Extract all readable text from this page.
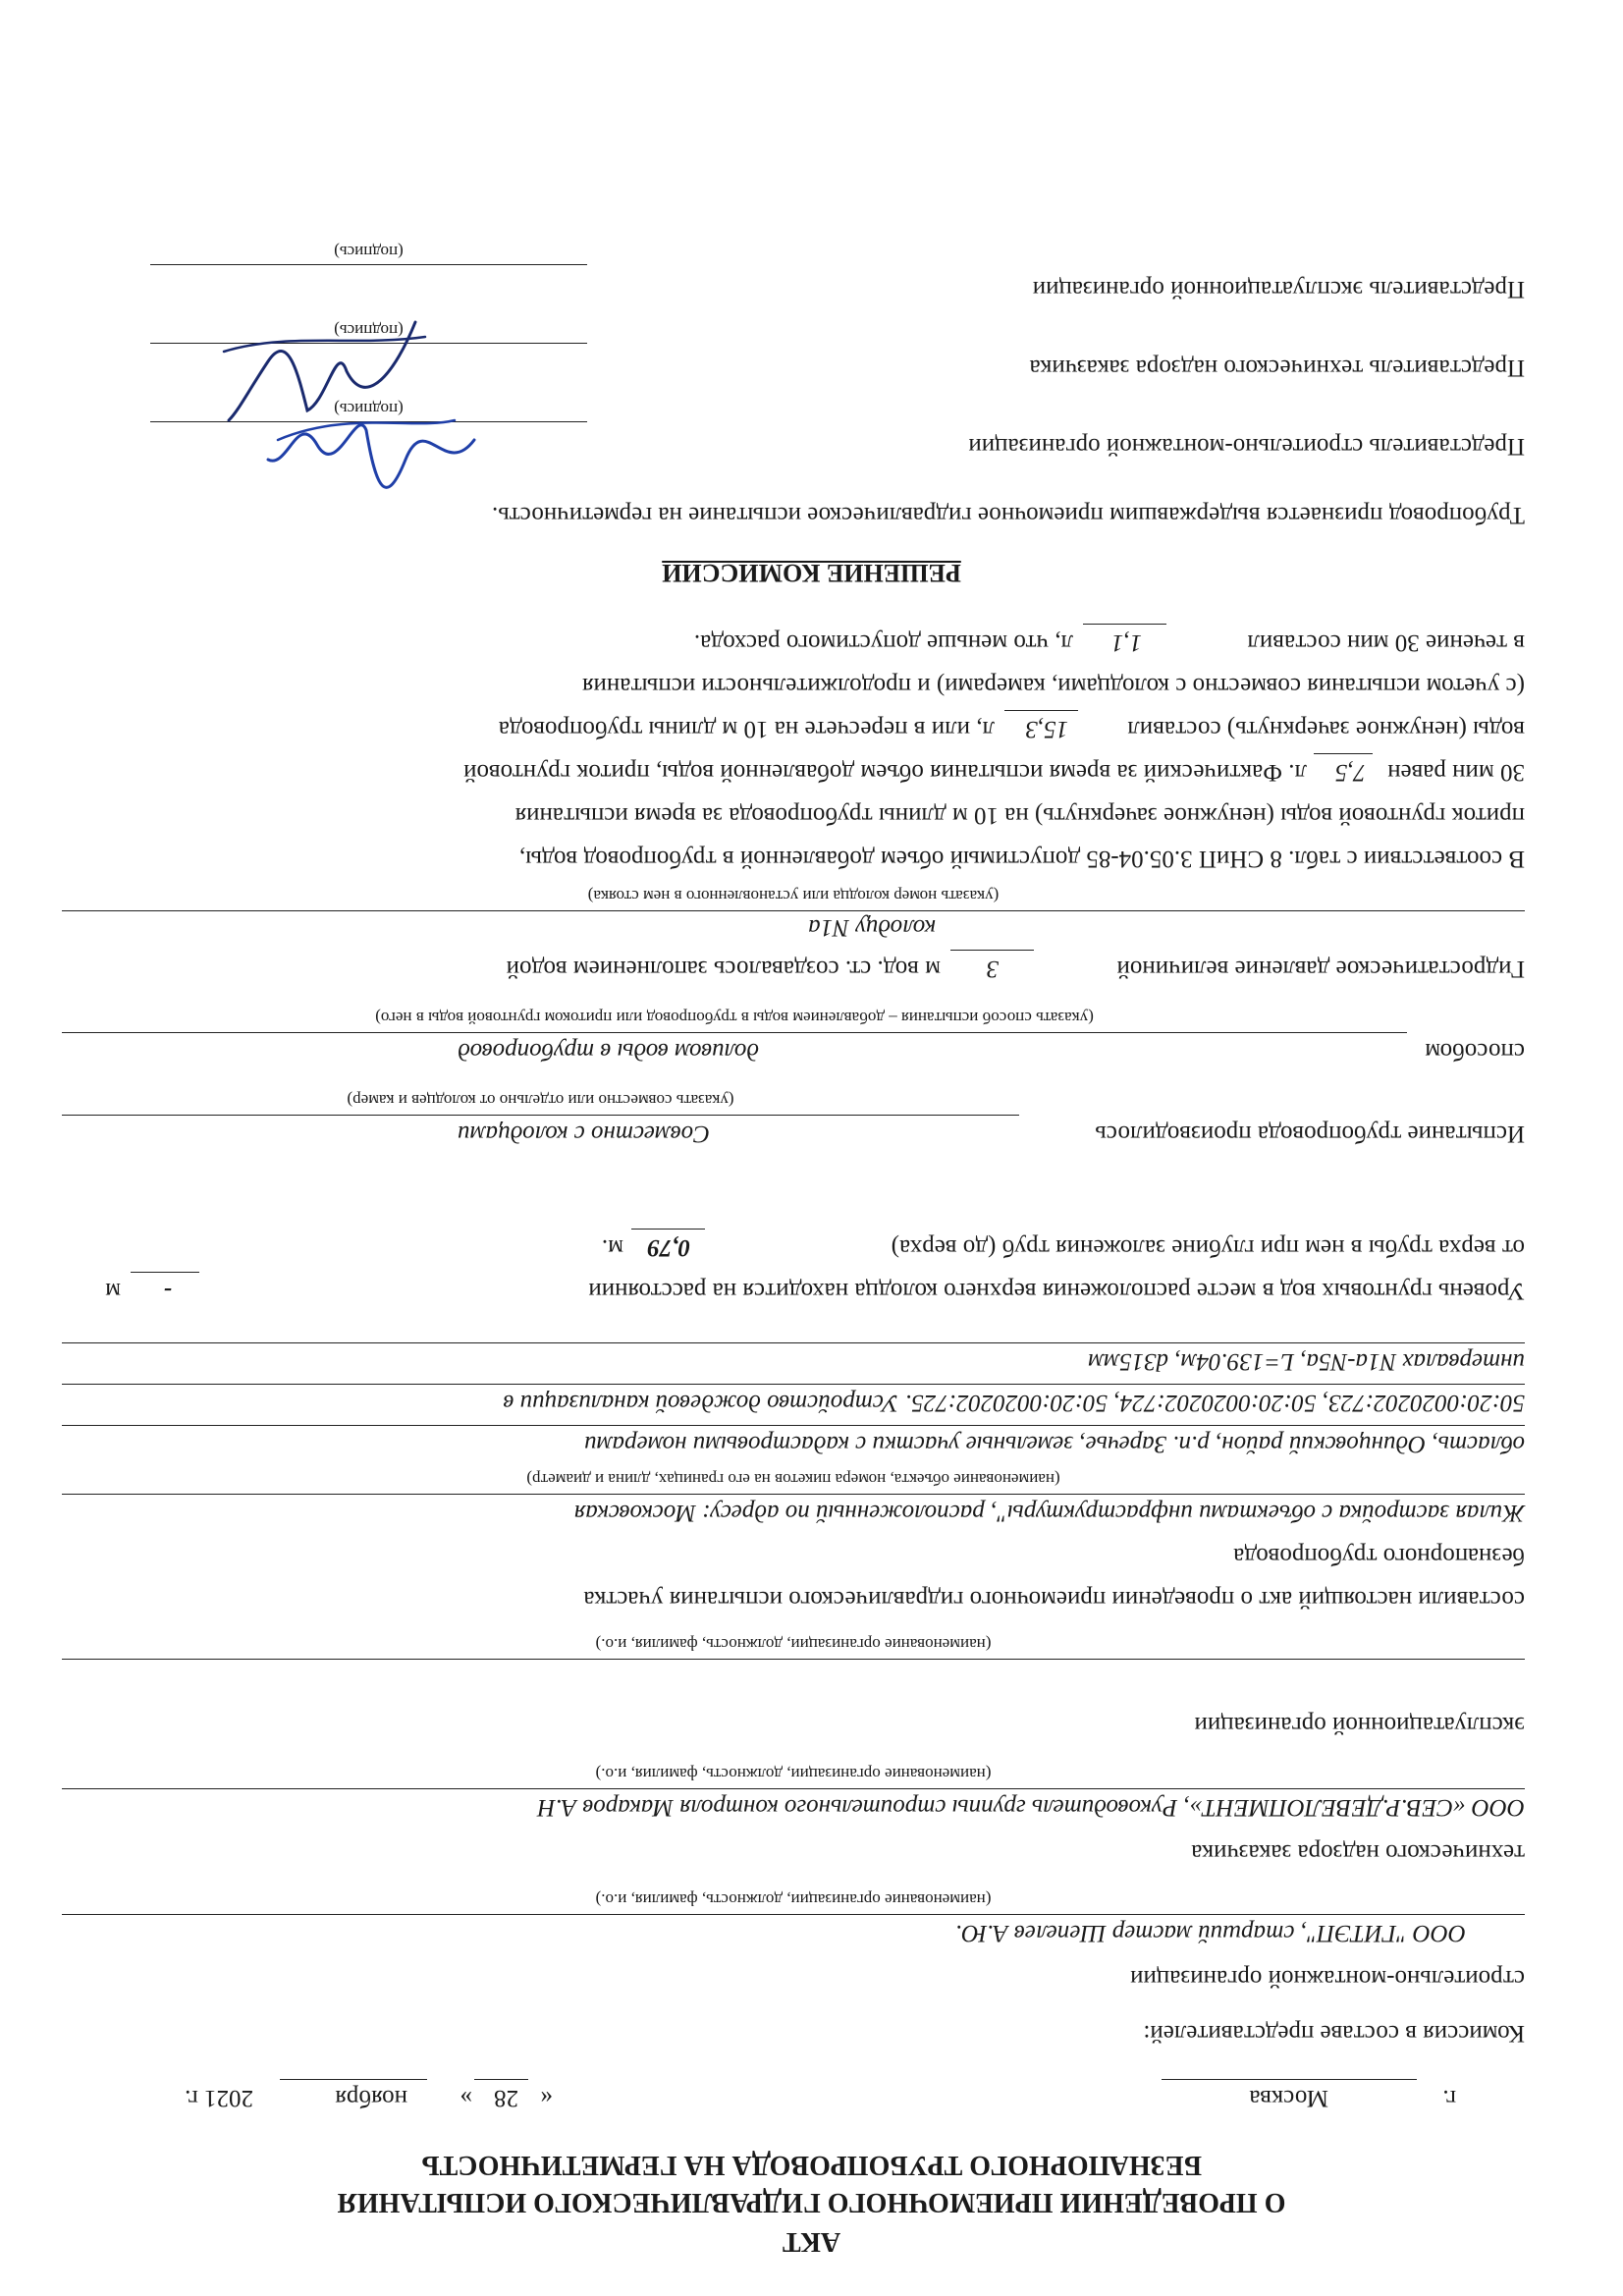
АКТ
О ПРОВЕДЕНИИ ПРИЕМОЧНОГО ГИДРАВЛИЧЕСКОГО ИСПЫТАНИЯ
БЕЗНАПОРНОГО ТРУБОПРОВОДА НА ГЕРМЕТИЧНОСТЬ
г.
Москва
«
28
»
ноября
2021 г.
Комиссия в составе представителей:
строительно-монтажной организации
ООО "ГИТЭП", старший мастер Шепелев А.Ю.
(наименование организации, должность, фамилия, и.о.)
технического надзора заказчика
ООО «СЕВ.Р.ДЕВЕЛОПМЕНТ», Руководитель группы строительного контроля Макаров А.Н
(наименование организации, должность, фамилия, и.о.)
эксплуатационной организации
(наименование организации, должность, фамилия, и.о.)
составили настоящий акт о проведении приемочного гидравлического испытания участка
безнапорного трубопровода
Жилая застройка с объектами инфраструктуры", расположенный по адресу: Московская
(наименование объекта, номера пикетов на его границах, длина и диаметр)
область, Одинцовский район, р.п. Заречье, земельные участки с кадастровыми номерами
50:20:0020202:723, 50:20:0020202:724, 50:20:0020202:725. Устройство дождевой канализации в
интервалах N1а-N5а, L=139.04м, d315мм
Уровень грунтовых вод в месте расположения верхнего колодца находится на расстоянии
-
м
от верха трубы в нем при глубине заложения труб (до верха)
0,79
м.
Испытание трубопровода производилось
Совместно с колодцами
(указать совместно или отдельно от колодцев и камер)
способом
доливом воды в трубопровод
(указать способ испытания – добавлением воды в трубопровод или притоком грунтовой воды в него)
Гидростатическое давление величиной
3
м вод. ст. создавалось заполнением водой
колодцу N1а
(указать номер колодца или установленного в нем стояка)
В соответствии с табл. 8 СНиП 3.05.04-85 допустимый объем добавленной в трубопровод воды,
приток грунтовой воды (ненужное зачеркнуть) на 10 м длины трубопровода за время испытания
30 мин равен
7,5
л. Фактический за время испытания объем добавленной воды, приток грунтовой
воды (ненужное зачеркнуть) составил
15,3
л, или в пересчете на 10 м длины трубопровода
(с учетом испытания совместно с колодцами, камерами) и продолжительности испытания
в течение 30 мин составил
1,1
л, что меньше допустимого расхода.
РЕШЕНИЕ КОМИССИИ
Трубопровод признается выдержавшим приемочное гидравлическое испытание на герметичность.
Представитель строительно-монтажной организации
(подпись)
Представитель технического надзора заказчика
(подпись)
Представитель эксплуатационной организации
(подпись)
